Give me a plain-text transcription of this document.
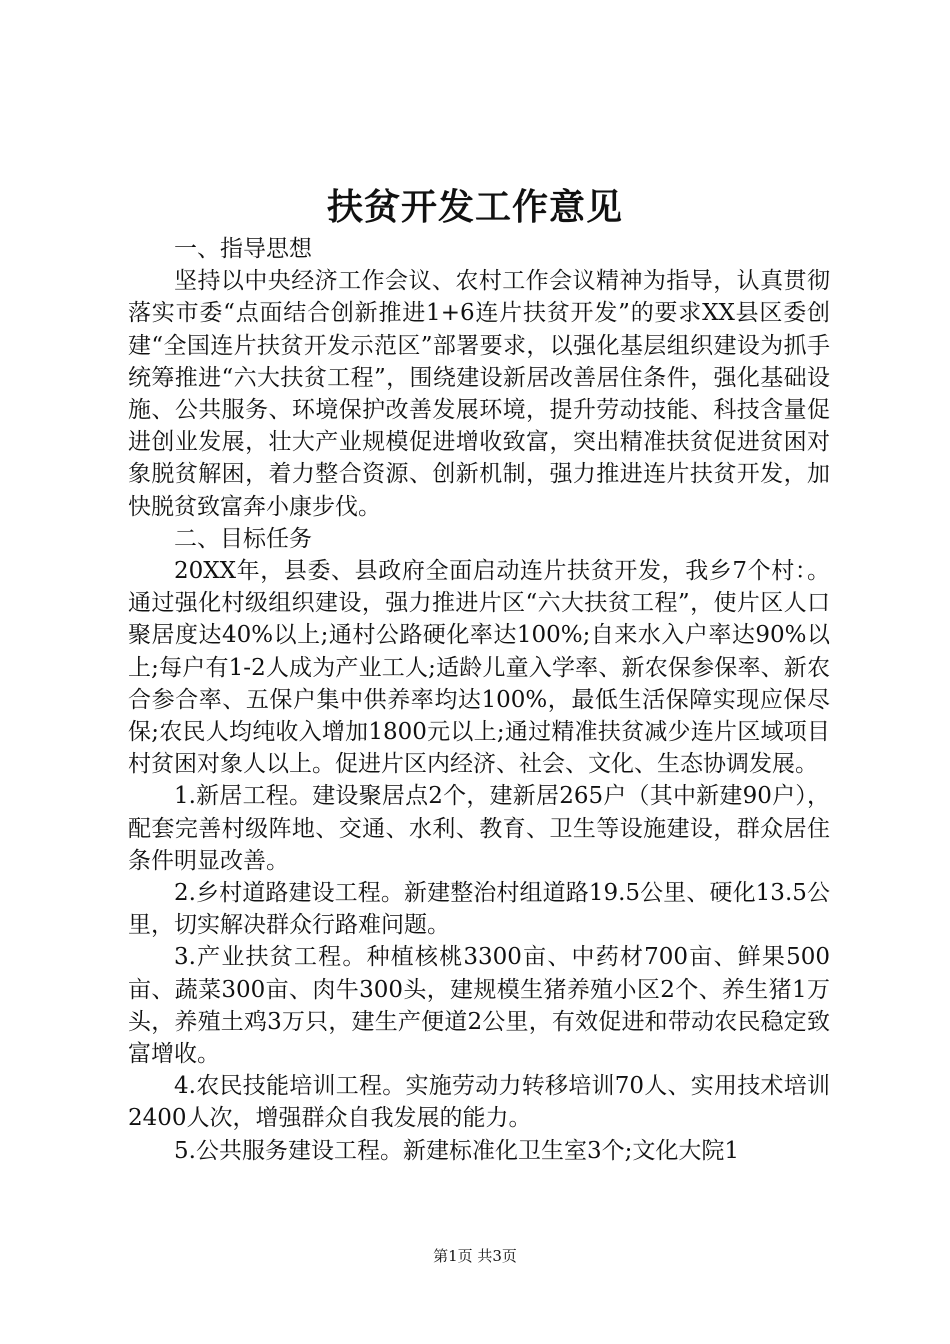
扶贫开发工作意见

一、指导思想

坚持以中央经济工作会议、农村工作会议精神为指导，认真贯彻落实市委“点面结合创新推进1+6连片扶贫开发”的要求XX县区委创建“全国连片扶贫开发示范区”部署要求，以强化基层组织建设为抓手统筹推进“六大扶贫工程”，围绕建设新居改善居住条件，强化基础设施、公共服务、环境保护改善发展环境，提升劳动技能、科技含量促进创业发展，壮大产业规模促进增收致富，突出精准扶贫促进贫困对象脱贫解困，着力整合资源、创新机制，强力推进连片扶贫开发，加快脱贫致富奔小康步伐。

二、目标任务

20XX年，县委、县政府全面启动连片扶贫开发，我乡7个村：。通过强化村级组织建设，强力推进片区“六大扶贫工程”，使片区人口聚居度达40%以上;通村公路硬化率达100%;自来水入户率达90%以上;每户有1-2人成为产业工人;适龄儿童入学率、新农保参保率、新农合参合率、五保户集中供养率均达100%，最低生活保障实现应保尽保;农民人均纯收入增加1800元以上;通过精准扶贫减少连片区域项目村贫困对象人以上。促进片区内经济、社会、文化、生态协调发展。

1.新居工程。建设聚居点2个，建新居265户（其中新建90户），配套完善村级阵地、交通、水利、教育、卫生等设施建设，群众居住条件明显改善。

2.乡村道路建设工程。新建整治村组道路19.5公里、硬化13.5公里，切实解决群众行路难问题。

3.产业扶贫工程。种植核桃3300亩、中药材700亩、鲜果500亩、蔬菜300亩、肉牛300头，建规模生猪养殖小区2个、养生猪1万头，养殖土鸡3万只，建生产便道2公里，有效促进和带动农民稳定致富增收。

4.农民技能培训工程。实施劳动力转移培训70人、实用技术培训2400人次，增强群众自我发展的能力。

5.公共服务建设工程。新建标准化卫生室3个;文化大院1

第1页 共3页
